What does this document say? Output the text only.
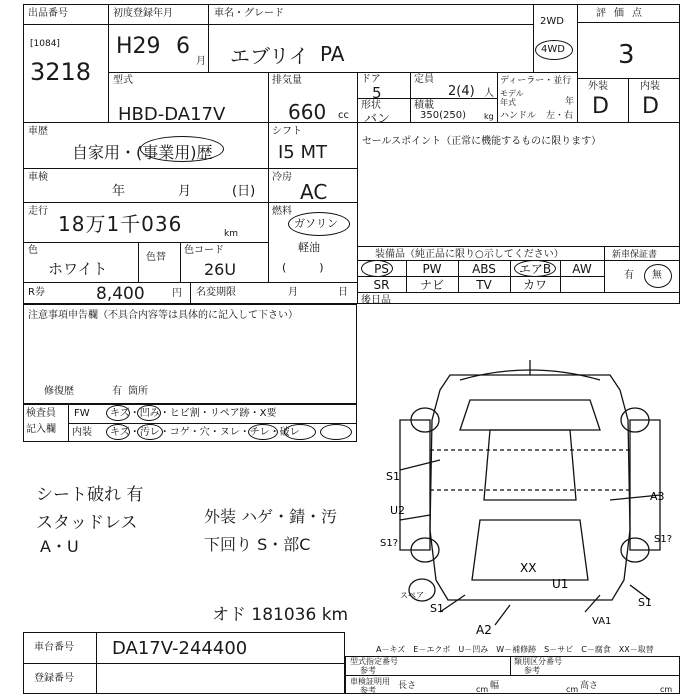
出品番号
[1084]
3218
初度登録年月
H29 6
月
車名・グレード
エブリイ PA
2WD
4WD
評価点
3
外装	内装
D D
型式
HBD-DA17V
排気量
660 cc
ドア
5
形状
バン
定員
2(4) 人
積載
350(250) kg
ディーラー・並行
モデル
年式	年
ハンドル 左・右
車歴
自家用・(事業用)歴
シフト
I5 MT
セールスポイント（正常に機能するものに限ります）
車検
年	月	(日)
冷房
AC
走行
18万1千036	km
燃料
ガソリン
軽油
(　　　)
色
ホワイト
色替
色コード
26U
装備品（純正品に限り○示してください）
PS	PW	ABS	エアB	AW
SR	ナビ	TV	カワ
新車保証書
有 無
後日品
R券	8,400	円 名変期限	月	日
注意事項申告欄（不具合内容等は具体的に記入して下さい）
修復歴	有 箇所
検査員
記入欄
FW キズ・凹み・ヒビ割・リペア跡・X要
内装 キズ・汚レ・コゲ・穴・ヌレ・チレ・破レ
シート破れ 有
スタッドレス
A・U
外装 ハゲ・錆・汚
下回り S・部C
オド 181036 km
S1
U2
S1?
A3
S1?
XX
U1
A2
S1
VA1
S1
スペア
車台番号 DA17V-244400
登録番号
A－キズ　E－エクボ　U－凹み　W－補修跡　S－サビ　C－腐食　XX－取替
型式指定番号
参考
類別区分番号
参考
車検証明用
参考 長さ	cm 幅	cm 高さ	cm
